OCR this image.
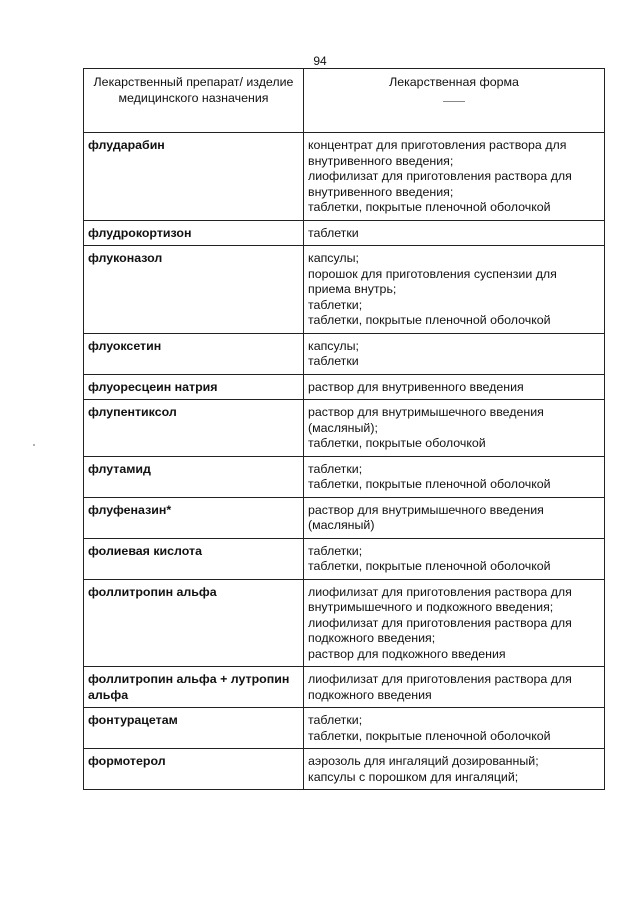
94
Лекарственный препарат/ изделие медицинского назначения	Лекарственная форма

флударабин	концентрат для приготовления раствора для внутривенного введения;
лиофилизат для приготовления раствора для внутривенного введения;
таблетки, покрытые пленочной оболочкой

флудрокортизон	таблетки

флуконазол	капсулы;
порошок для приготовления суспензии для приема внутрь;
таблетки;
таблетки, покрытые пленочной оболочкой

флуоксетин	капсулы;
таблетки

флуоресцеин натрия	раствор для внутривенного введения

флупентиксол	раствор для внутримышечного введения (масляный);
таблетки, покрытые оболочкой

флутамид	таблетки;
таблетки, покрытые пленочной оболочкой

флуфеназин*	раствор для внутримышечного введения (масляный)

фолиевая кислота	таблетки;
таблетки, покрытые пленочной оболочкой

фоллитропин альфа	лиофилизат для приготовления раствора для внутримышечного и подкожного введения;
лиофилизат для приготовления раствора для подкожного введения;
раствор для подкожного введения

фоллитропин альфа + лутропин альфа	лиофилизат для приготовления раствора для подкожного введения

фонтурацетам	таблетки;
таблетки, покрытые пленочной оболочкой

формотерол	аэрозоль для ингаляций дозированный;
капсулы с порошком для ингаляций;
